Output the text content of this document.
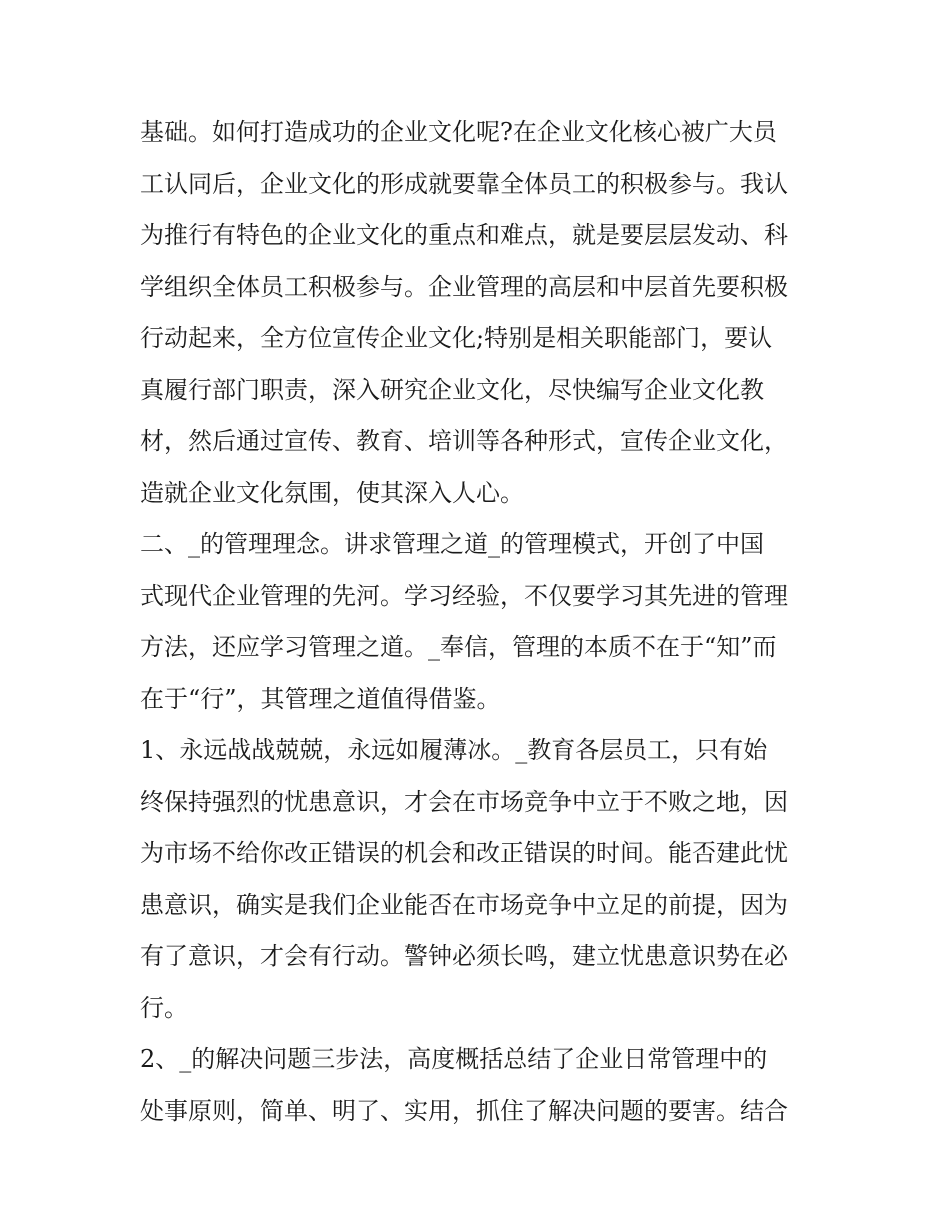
基础。如何打造成功的企业文化呢?在企业文化核心被广大员
工认同后，企业文化的形成就要靠全体员工的积极参与。我认
为推行有特色的企业文化的重点和难点，就是要层层发动、科
学组织全体员工积极参与。企业管理的高层和中层首先要积极
行动起来，全方位宣传企业文化;特别是相关职能部门，要认
真履行部门职责，深入研究企业文化，尽快编写企业文化教
材，然后通过宣传、教育、培训等各种形式，宣传企业文化，
造就企业文化氛围，使其深入人心。
二、_的管理理念。讲求管理之道_的管理模式，开创了中国
式现代企业管理的先河。学习经验，不仅要学习其先进的管理
方法，还应学习管理之道。_奉信，管理的本质不在于“知”而
在于“行”，其管理之道值得借鉴。
1、永远战战兢兢，永远如履薄冰。_教育各层员工，只有始
终保持强烈的忧患意识，才会在市场竞争中立于不败之地，因
为市场不给你改正错误的机会和改正错误的时间。能否建此忧
患意识，确实是我们企业能否在市场竞争中立足的前提，因为
有了意识，才会有行动。警钟必须长鸣，建立忧患意识势在必
行。
2、_的解决问题三步法，高度概括总结了企业日常管理中的
处事原则，简单、明了、实用，抓住了解决问题的要害。结合
